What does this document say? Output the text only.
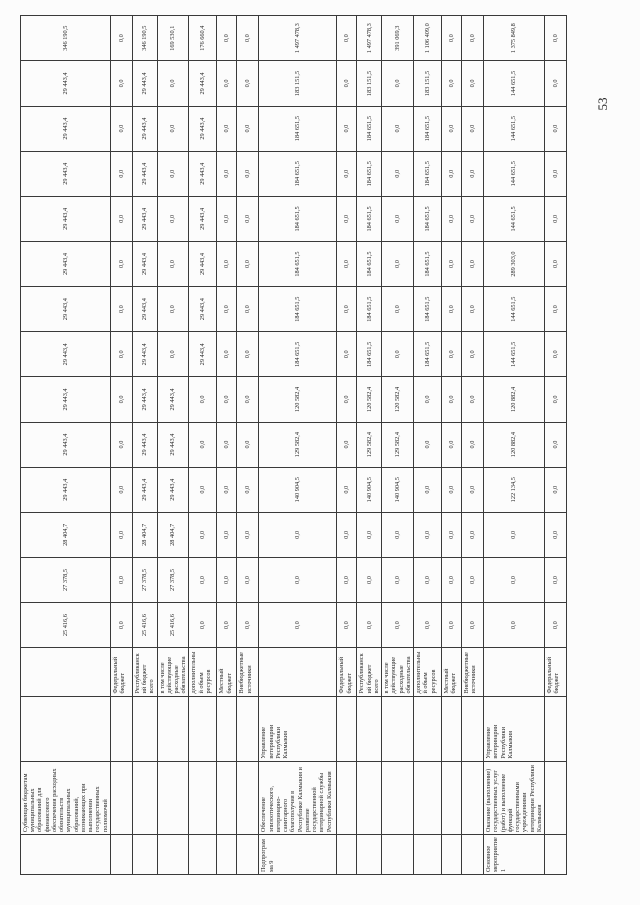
	Субвенции бюджетам муниципальных образований для финансового обеспечения расходных обязательств муниципальных образований, возникающих при выполнении государственных полномочий			25 416,6	27 378,5	28 404,7	29 443,4	29 443,4	29 443,4	29 443,4	29 443,4	29 443,4	29 443,4	29 443,4	29 443,4	29 443,4	346 190,5
			Федеральный бюджет	0,0	0,0	0,0	0,0	0,0	0,0	0,0	0,0	0,0	0,0	0,0	0,0	0,0	0,0
			Республиканский бюджет всего	25 416,6	27 378,5	28 404,7	29 443,4	29 443,4	29 443,4	29 443,4	29 443,4	29 443,4	29 443,4	29 443,4	29 443,4	29 443,4	346 190,5
			в том числе действующие расходные обязательства	25 416,6	27 378,5	28 404,7	29 443,4	29 443,4	29 443,4	0,0	0,0	0,0	0,0	0,0	0,0	0,0	169 530,1
			дополнительный объем ресурсов	0,0	0,0	0,0	0,0	0,0	0,0	29 443,4	29 443,4	29 443,4	29 443,4	29 443,4	29 443,4	29 443,4	176 660,4
			Местный бюджет	0,0	0,0	0,0	0,0	0,0	0,0	0,0	0,0	0,0	0,0	0,0	0,0	0,0	0,0
			Внебюджетные источники	0,0	0,0	0,0	0,0	0,0	0,0	0,0	0,0	0,0	0,0	0,0	0,0	0,0	0,0
Подпрограмма 9	Обеспечение эпизоотического, ветеринарно-санитарного благополучия в Республике Калмыкия и развитие государственной ветеринарной службы Республики Калмыкия	Управление ветеринарии Республики Калмыкия		0,0	0,0	0,0	140 904,5	129 582,4	120 582,4	184 651,5	184 651,5	184 651,5	184 651,5	184 651,5	184 651,5	183 151,5	1 497 478,3
			Федеральный бюджет	0,0	0,0	0,0	0,0	0,0	0,0	0,0	0,0	0,0	0,0	0,0	0,0	0,0	0,0
			Республиканский бюджет всего	0,0	0,0	0,0	140 904,5	129 582,4	120 582,4	184 651,5	184 651,5	184 651,5	184 651,5	184 651,5	184 651,5	183 151,5	1 497 478,3
			в том числе действующие расходные обязательства	0,0	0,0	0,0	140 904,5	129 582,4	120 582,4	0,0	0,0	0,0	0,0	0,0	0,0	0,0	391 069,3
			дополнительный объем ресурсов	0,0	0,0	0,0	0,0	0,0	0,0	184 651,5	184 651,5	184 651,5	184 651,5	184 651,5	184 651,5	183 151,5	1 106 409,0
			Местный бюджет	0,0	0,0	0,0	0,0	0,0	0,0	0,0	0,0	0,0	0,0	0,0	0,0	0,0	0,0
			Внебюджетные источники	0,0	0,0	0,0	0,0	0,0	0,0	0,0	0,0	0,0	0,0	0,0	0,0	0,0	0,0
Основное мероприятие 1	Оказание (выполнение) государственных услуг (работ) и выполнение функций государственными учреждениями ветеринарии Республики Калмыкия	Управление ветеринарии Республики Калмыкия		0,0	0,0	0,0	122 134,5	120 882,4	120 882,4	144 651,5	144 651,5	289 303,0	144 651,5	144 651,5	144 651,5	144 651,5	1 375 849,8
			Федеральный бюджет	0,0	0,0	0,0	0,0	0,0	0,0	0,0	0,0	0,0	0,0	0,0	0,0	0,0	0,0
53
